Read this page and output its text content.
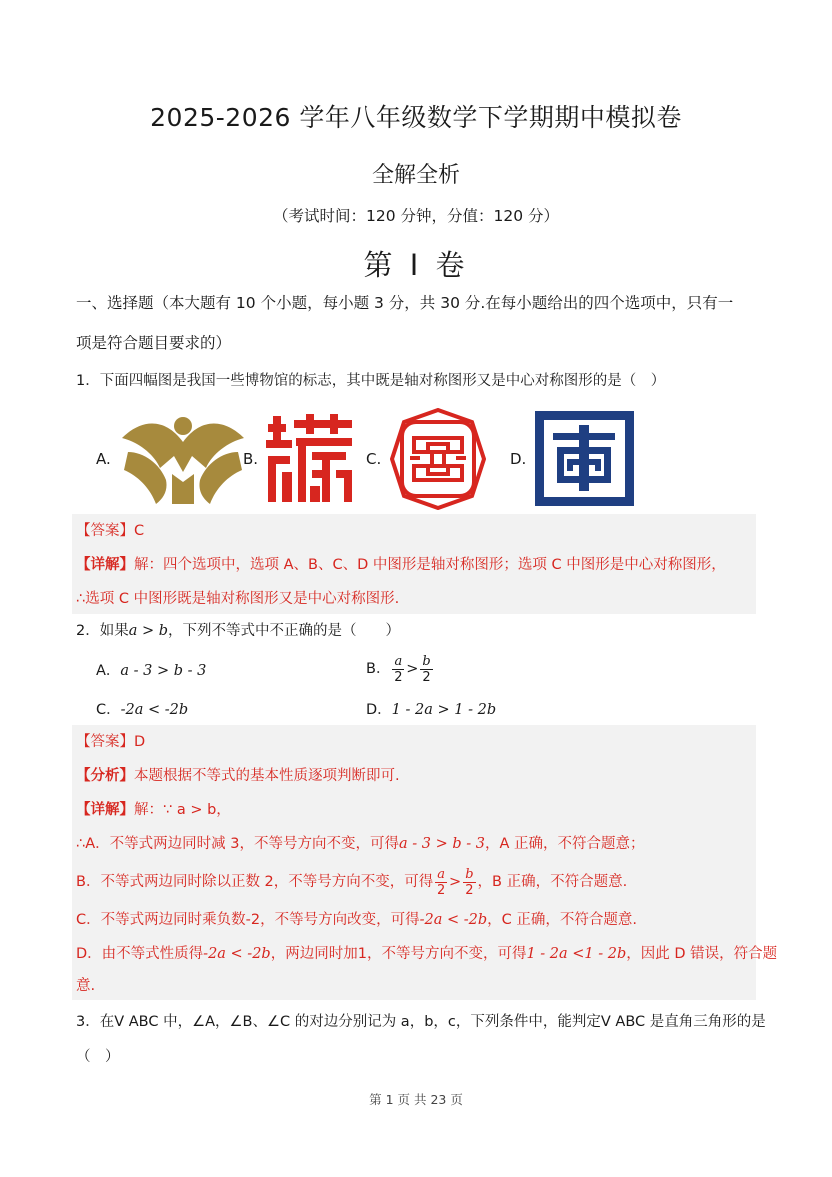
2025-2026 学年八年级数学下学期期中模拟卷
全解全析
（考试时间：120 分钟，分值：120 分）
第 Ⅰ 卷
一、选择题（本大题有 10 个小题，每小题 3 分，共 30 分.在每小题给出的四个选项中，只有一
项是符合题目要求的）
1．下面四幅图是我国一些博物馆的标志，其中既是轴对称图形又是中心对称图形的是（　）
A.	B.	C.	D.
【答案】C
【详解】解：四个选项中，选项 A、B、C、D 中图形是轴对称图形；选项 C 中图形是中心对称图形，
∴选项 C 中图形既是轴对称图形又是中心对称图形.
2．如果a > b，下列不等式中不正确的是（　　）
A．a - 3 > b - 3	B． $\frac{a}{2} > \frac{b}{2}$
C．-2a < -2b	D．1 - 2a > 1 - 2b
【答案】D
【分析】本题根据不等式的基本性质逐项判断即可.
【详解】解：∵ a > b，
∴A．不等式两边同时减 3，不等号方向不变，可得a - 3 > b - 3，A 正确，不符合题意；
B．不等式两边同时除以正数 2，不等号方向不变，可得 $\frac{a}{2} > \frac{b}{2}$ ，B 正确，不符合题意.
C．不等式两边同时乘负数-2，不等号方向改变，可得-2a < -2b，C 正确，不符合题意.
D．由不等式性质得-2a < -2b，两边同时加1，不等号方向不变，可得1 - 2a <1 - 2b，因此 D 错误，符合题
意.
3．在V ABC 中，∠A，∠B、∠C 的对边分别记为 a，b，c，下列条件中，能判定V ABC 是直角三角形的是
（　）
第 1 页 共 23 页
